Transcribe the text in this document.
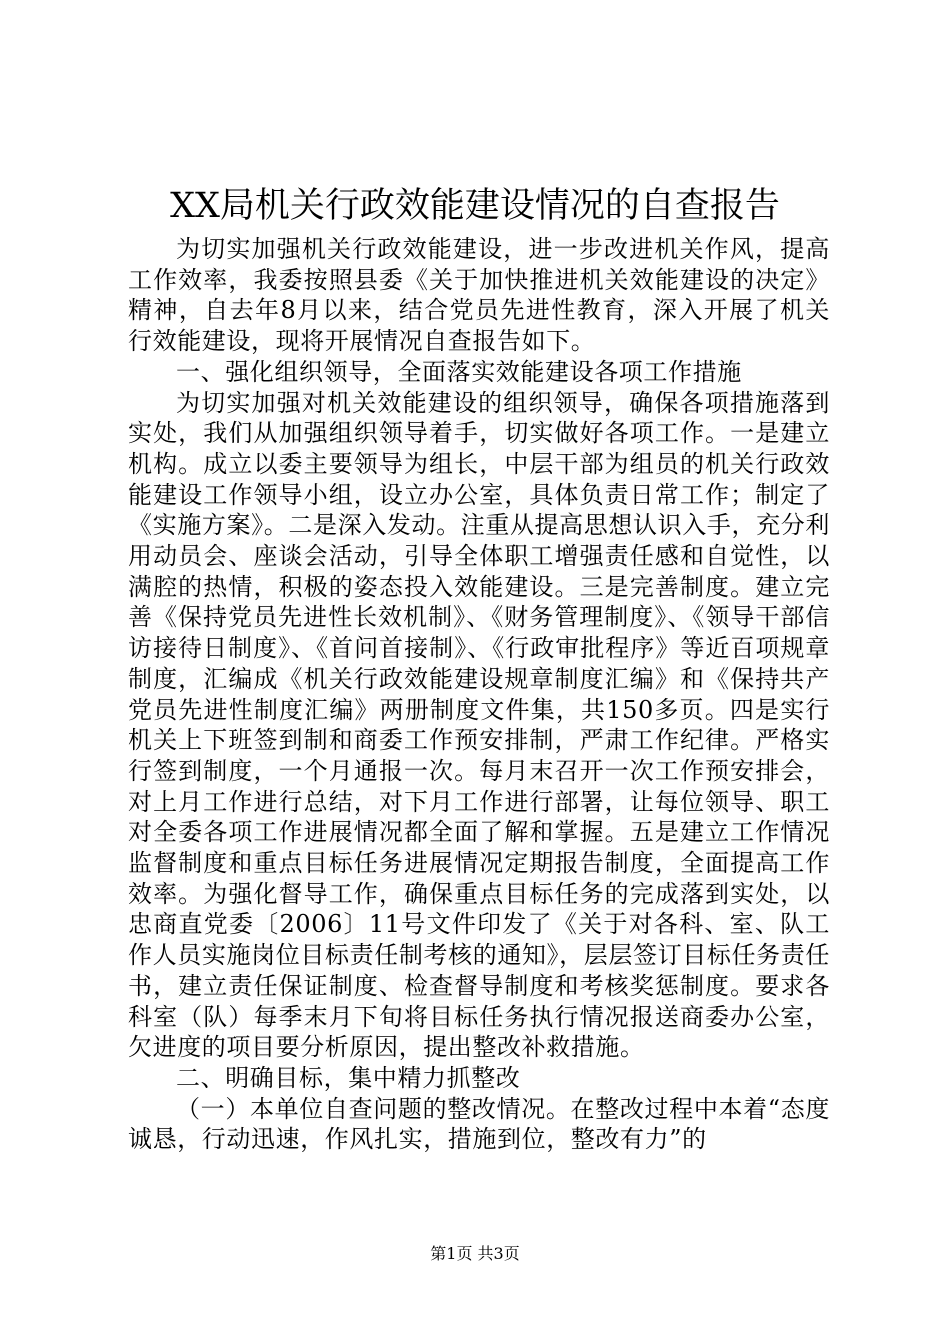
XX局机关行政效能建设情况的自查报告

为切实加强机关行政效能建设，进一步改进机关作风，提高工作效率，我委按照县委《关于加快推进机关效能建设的决定》精神，自去年8月以来，结合党员先进性教育，深入开展了机关行效能建设，现将开展情况自查报告如下。

一、强化组织领导，全面落实效能建设各项工作措施

为切实加强对机关效能建设的组织领导，确保各项措施落到实处，我们从加强组织领导着手，切实做好各项工作。一是建立机构。成立以委主要领导为组长，中层干部为组员的机关行政效能建设工作领导小组，设立办公室，具体负责日常工作；制定了《实施方案》。二是深入发动。注重从提高思想认识入手，充分利用动员会、座谈会活动，引导全体职工增强责任感和自觉性，以满腔的热情，积极的姿态投入效能建设。三是完善制度。建立完善《保持党员先进性长效机制》、《财务管理制度》、《领导干部信访接待日制度》、《首问首接制》、《行政审批程序》等近百项规章制度，汇编成《机关行政效能建设规章制度汇编》和《保持共产党员先进性制度汇编》两册制度文件集，共150多页。四是实行机关上下班签到制和商委工作预安排制，严肃工作纪律。严格实行签到制度，一个月通报一次。每月末召开一次工作预安排会，对上月工作进行总结，对下月工作进行部署，让每位领导、职工对全委各项工作进展情况都全面了解和掌握。五是建立工作情况监督制度和重点目标任务进展情况定期报告制度，全面提高工作效率。为强化督导工作，确保重点目标任务的完成落到实处，以忠商直党委〔2006〕11号文件印发了《关于对各科、室、队工作人员实施岗位目标责任制考核的通知》，层层签订目标任务责任书，建立责任保证制度、检查督导制度和考核奖惩制度。要求各科室（队）每季末月下旬将目标任务执行情况报送商委办公室，欠进度的项目要分析原因，提出整改补救措施。

二、明确目标，集中精力抓整改

（一）本单位自查问题的整改情况。在整改过程中本着“态度诚恳，行动迅速，作风扎实，措施到位，整改有力”的

第1页 共3页
